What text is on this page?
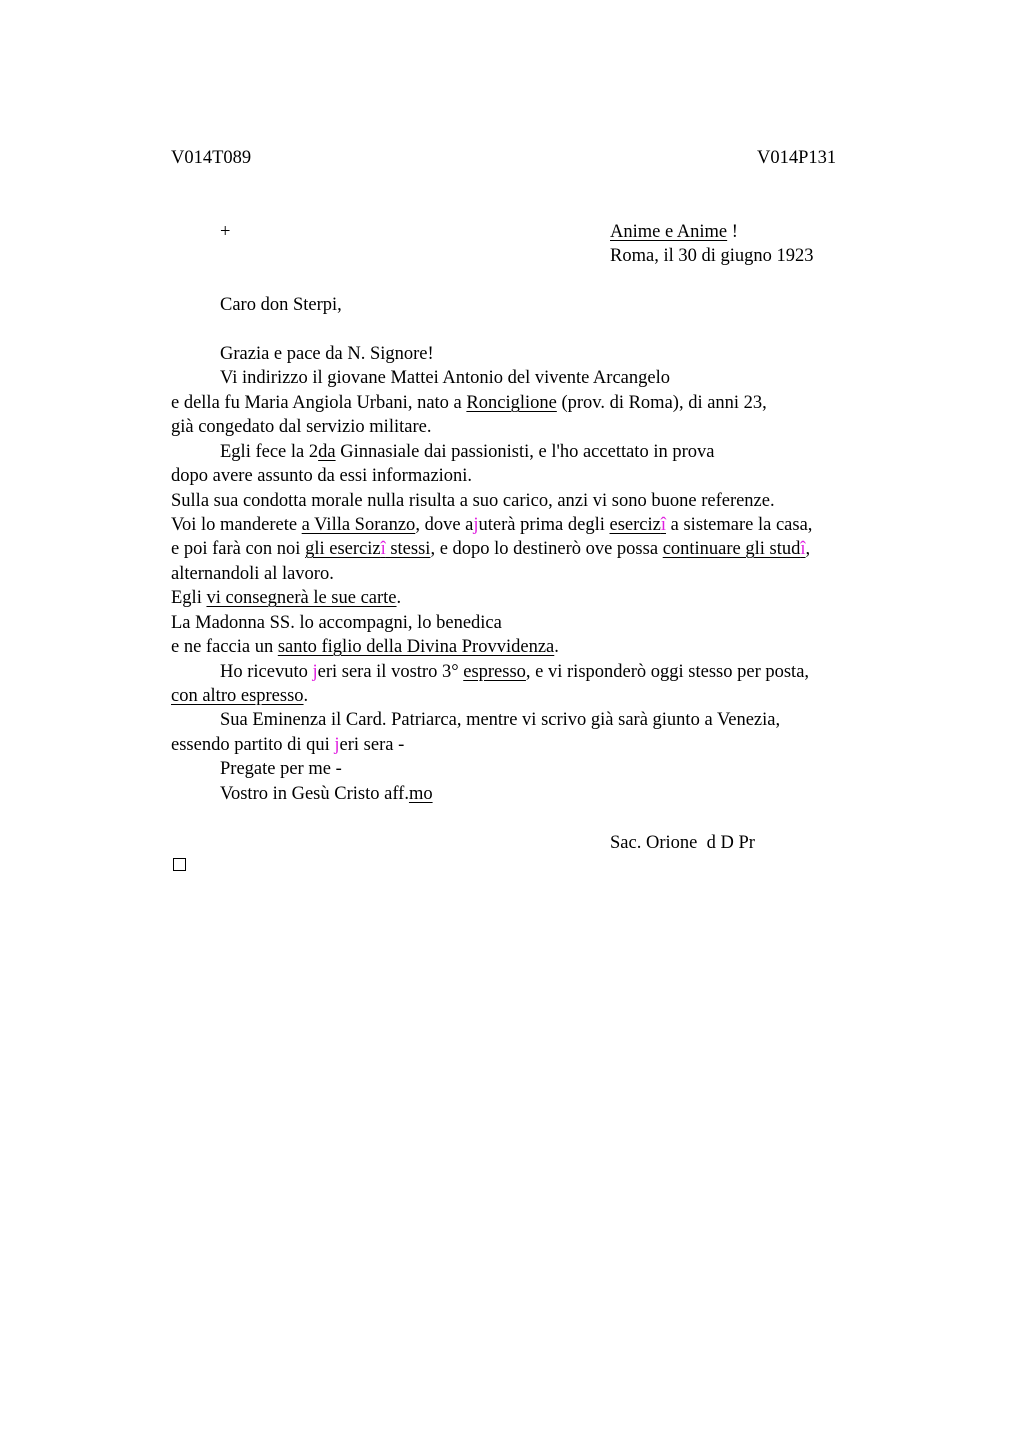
V014T089	V014P131
+	Anime e Anime !
Roma, il 30 di giugno 1923
Caro don Sterpi,
Grazia e pace da N. Signore!
Vi indirizzo il giovane Mattei Antonio del vivente Arcangelo
e della fu Maria Angiola Urbani, nato a Ronciglione (prov. di Roma), di anni 23,
già congedato dal servizio militare.
Egli fece la 2da Ginnasiale dai passionisti, e l'ho accettato in prova
dopo avere assunto da essi informazioni.
Sulla sua condotta morale nulla risulta a suo carico, anzi vi sono buone referenze.
Voi lo manderete a Villa Soranzo, dove ajuterà prima degli esercizî a sistemare la casa,
e poi farà con noi gli esercizî stessi, e dopo lo destinerò ove possa continuare gli studî,
alternandoli al lavoro.
Egli vi consegnerà le sue carte.
La Madonna SS. lo accompagni, lo benedica
e ne faccia un santo figlio della Divina Provvidenza.
Ho ricevuto jeri sera il vostro 3° espresso, e vi risponderò oggi stesso per posta,
con altro espresso.
Sua Eminenza il Card. Patriarca, mentre vi scrivo già sarà giunto a Venezia,
essendo partito di qui jeri sera -
Pregate per me -
Vostro in Gesù Cristo aff.mo
Sac. Orione  d D Pr
